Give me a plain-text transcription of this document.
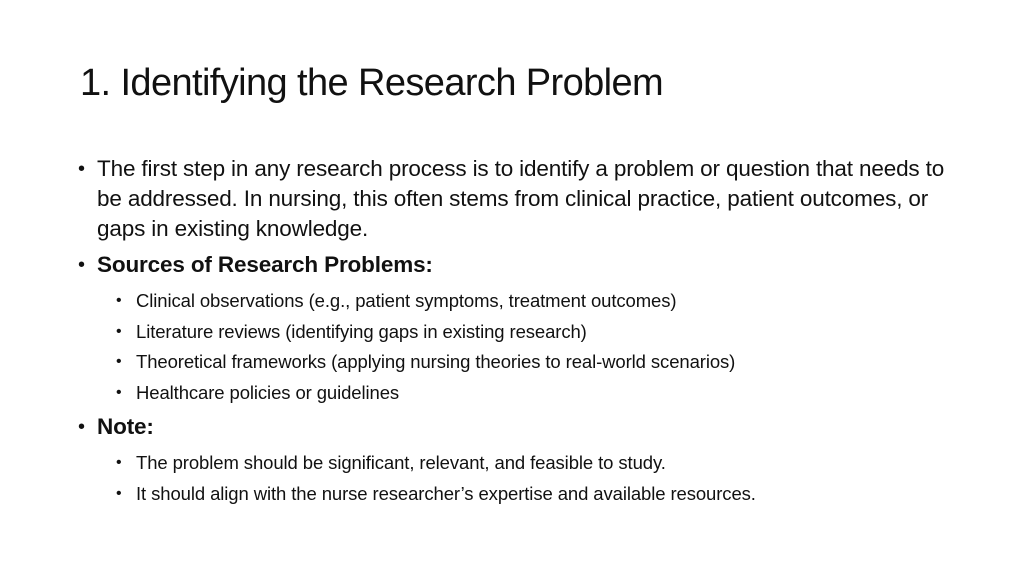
1. Identifying the Research Problem
• The first step in any research process is to identify a problem or question that needs to be addressed. In nursing, this often stems from clinical practice, patient outcomes, or gaps in existing knowledge.
• Sources of Research Problems:
• Clinical observations (e.g., patient symptoms, treatment outcomes)
• Literature reviews (identifying gaps in existing research)
• Theoretical frameworks (applying nursing theories to real-world scenarios)
• Healthcare policies or guidelines
• Note:
• The problem should be significant, relevant, and feasible to study.
• It should align with the nurse researcher’s expertise and available resources.
